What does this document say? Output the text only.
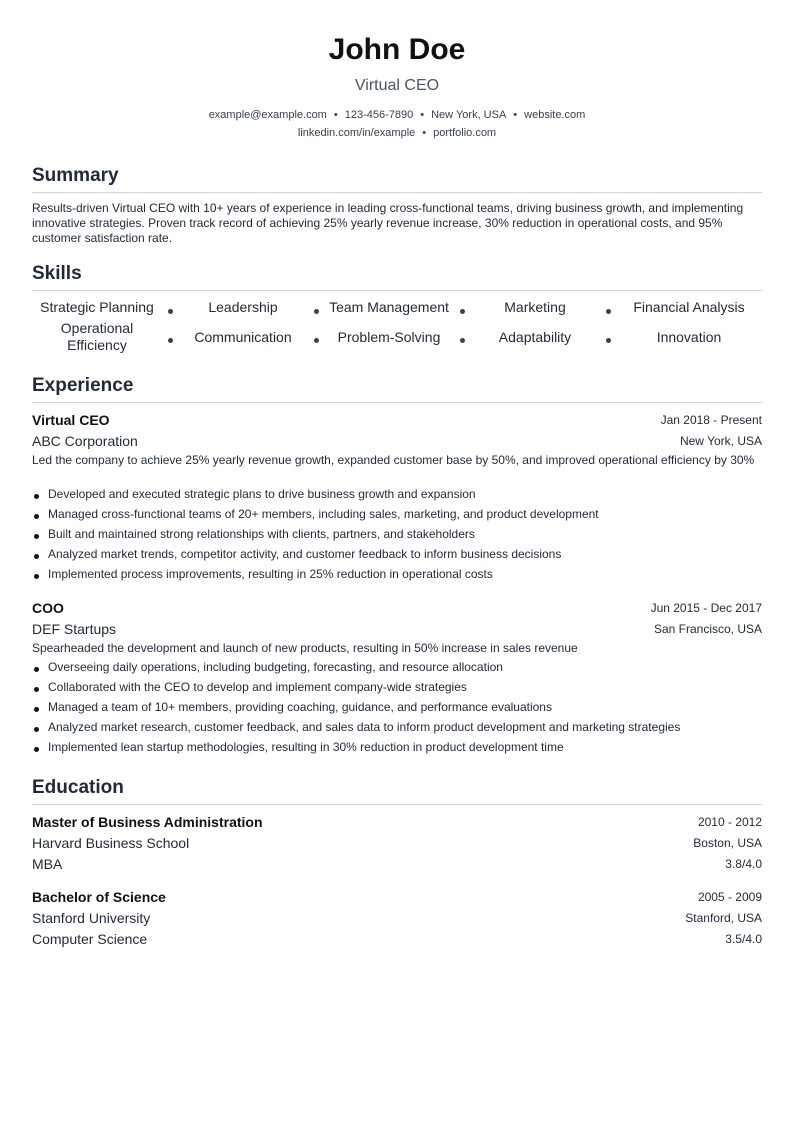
John Doe
Virtual CEO
example@example.com • 123-456-7890 • New York, USA • website.com
linkedin.com/in/example • portfolio.com
Summary
Results-driven Virtual CEO with 10+ years of experience in leading cross-functional teams, driving business growth, and implementing innovative strategies. Proven track record of achieving 25% yearly revenue increase, 30% reduction in operational costs, and 95% customer satisfaction rate.
Skills
Strategic Planning	Leadership	Team Management	Marketing	Financial Analysis
Operational Efficiency	Communication	Problem-Solving	Adaptability	Innovation
Experience
Virtual CEO	Jan 2018 - Present
ABC Corporation	New York, USA
Led the company to achieve 25% yearly revenue growth, expanded customer base by 50%, and improved operational efficiency by 30%
Developed and executed strategic plans to drive business growth and expansion
Managed cross-functional teams of 20+ members, including sales, marketing, and product development
Built and maintained strong relationships with clients, partners, and stakeholders
Analyzed market trends, competitor activity, and customer feedback to inform business decisions
Implemented process improvements, resulting in 25% reduction in operational costs
COO	Jun 2015 - Dec 2017
DEF Startups	San Francisco, USA
Spearheaded the development and launch of new products, resulting in 50% increase in sales revenue
Overseeing daily operations, including budgeting, forecasting, and resource allocation
Collaborated with the CEO to develop and implement company-wide strategies
Managed a team of 10+ members, providing coaching, guidance, and performance evaluations
Analyzed market research, customer feedback, and sales data to inform product development and marketing strategies
Implemented lean startup methodologies, resulting in 30% reduction in product development time
Education
Master of Business Administration	2010 - 2012
Harvard Business School	Boston, USA
MBA	3.8/4.0
Bachelor of Science	2005 - 2009
Stanford University	Stanford, USA
Computer Science	3.5/4.0
